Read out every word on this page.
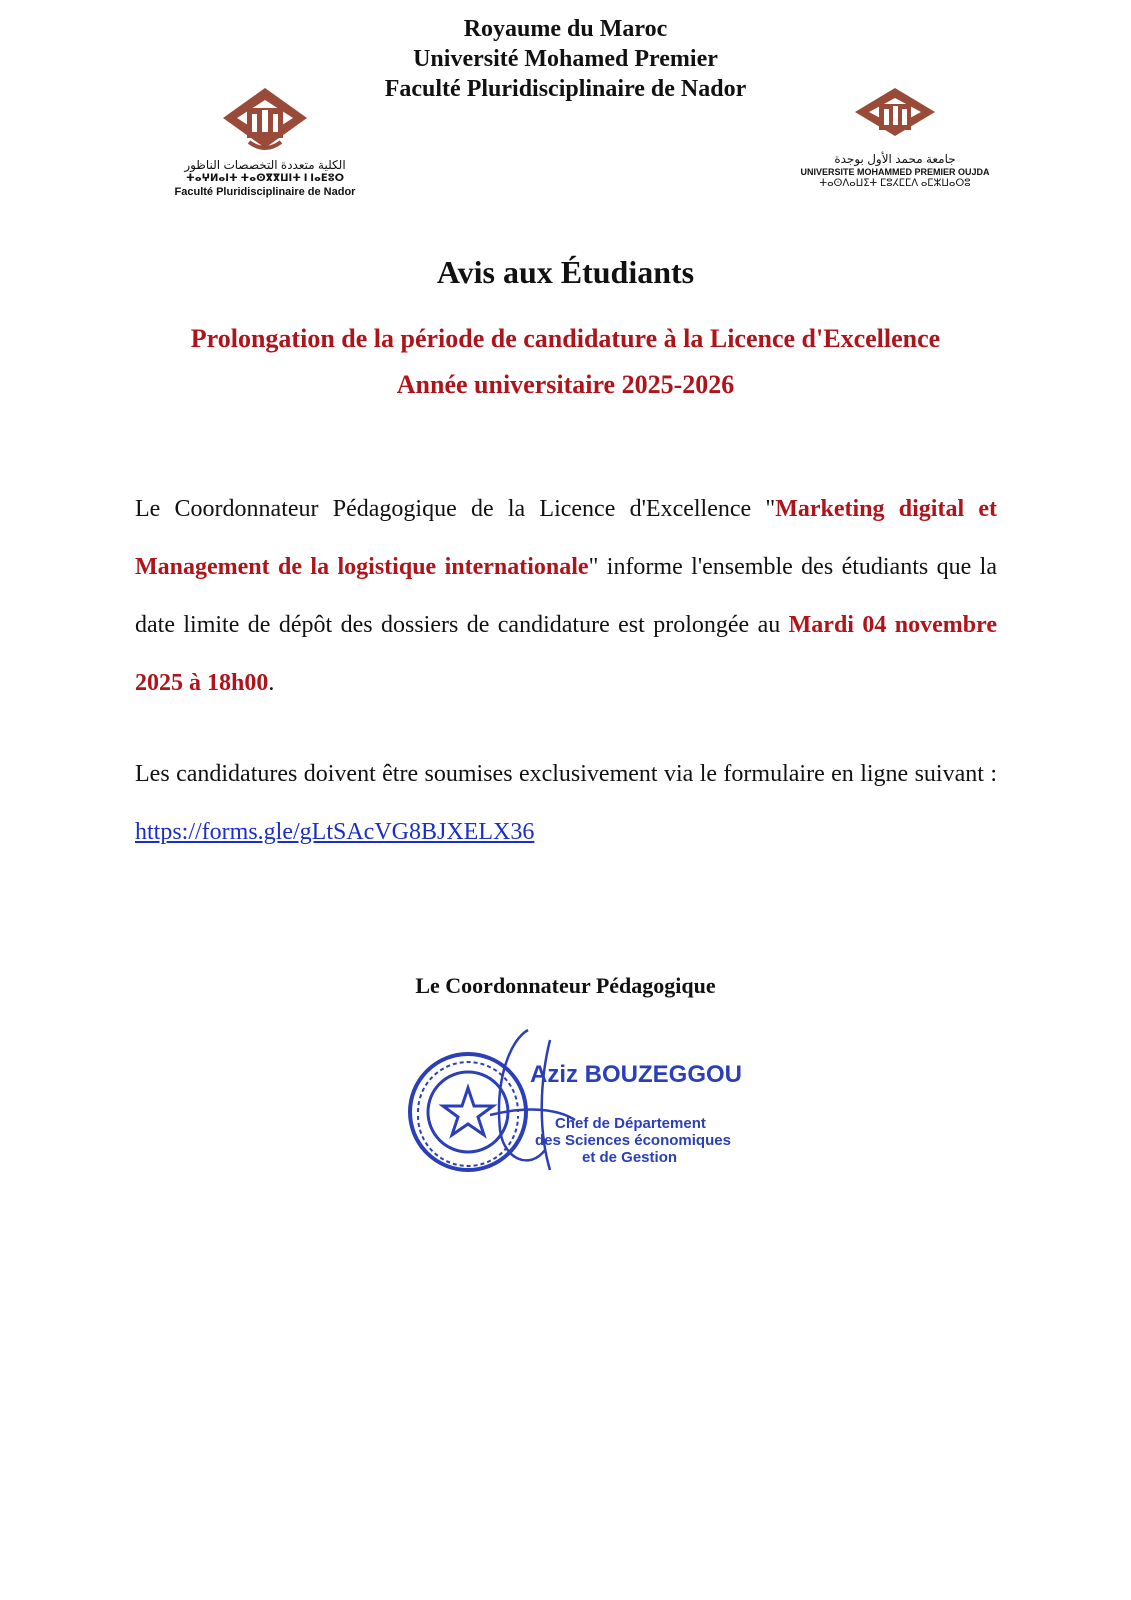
Royaume du Maroc
Université Mohamed Premier
Faculté Pluridisciplinaire de Nador
الكلية متعددة التخصصات الناظور
ⵜⴰⵖⵍⴰⵏⵜ ⵜⴰⵙⴳⴳⵡⵏⵜ ⵏ ⵏⴰⴹⵓⵔ
Faculté Pluridisciplinaire de Nador
جامعة محمد الأول بوجدة
UNIVERSITE MOHAMMED PREMIER OUJDA
ⵜⴰⵙⴷⴰⵡⵉⵜ ⵎⵓⵃⵎⵎⴷ ⴰⵎⵣⵡⴰⵔⵓ
Avis aux Étudiants
Prolongation de la période de candidature à la Licence d'Excellence
Année universitaire 2025-2026
Le Coordonnateur Pédagogique de la Licence d'Excellence "Marketing digital et Management de la logistique internationale" informe l'ensemble des étudiants que la date limite de dépôt des dossiers de candidature est prolongée au Mardi 04 novembre 2025 à 18h00.
Les candidatures doivent être soumises exclusivement via le formulaire en ligne suivant : https://forms.gle/gLtSAcVG8BJXELX36
Le Coordonnateur Pédagogique
Aziz BOUZEGGOU
Chef de Département
des Sciences économiques
et de Gestion
